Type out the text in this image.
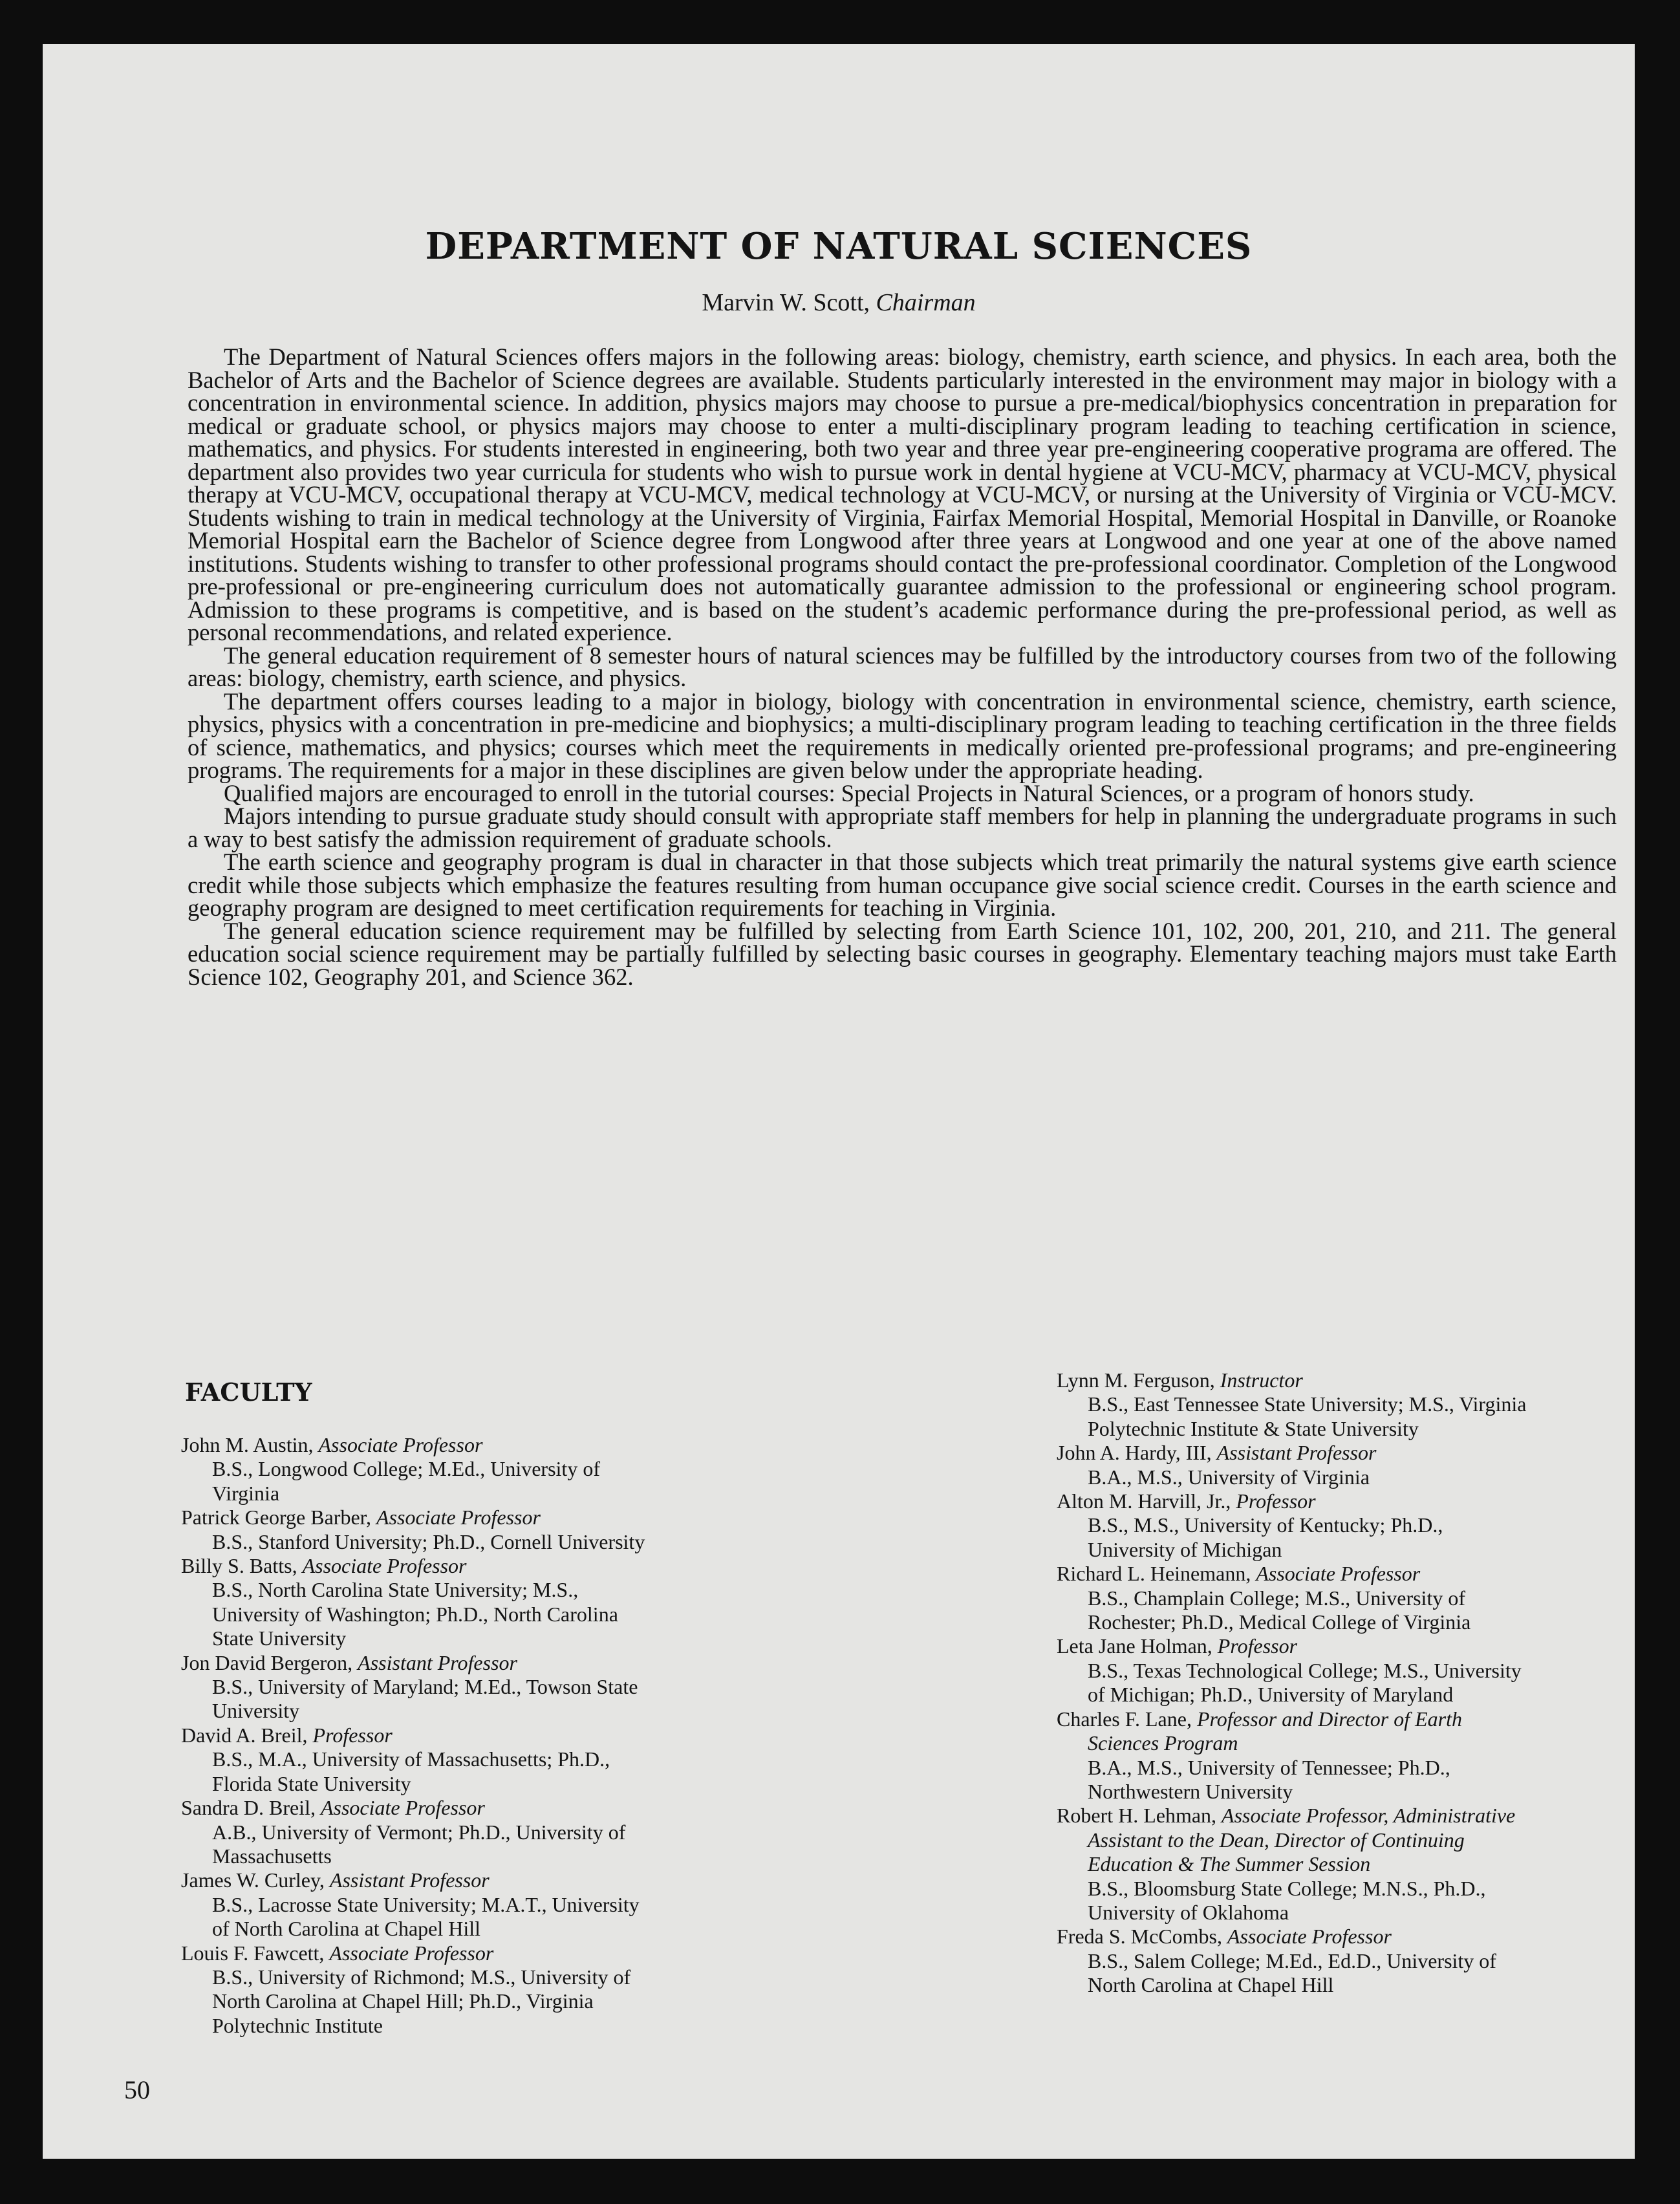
DEPARTMENT OF NATURAL SCIENCES
Marvin W. Scott, Chairman

The Department of Natural Sciences offers majors in the following areas: biology, chemistry, earth science, and physics. In each area, both the Bachelor of Arts and the Bachelor of Science degrees are available. Students particularly interested in the environment may major in biology with a concentration in environmental science. In addition, physics majors may choose to pursue a pre-medical/biophysics concentration in preparation for medical or graduate school, or physics majors may choose to enter a multi-disciplinary program leading to teaching certification in science, mathematics, and physics. For students interested in engineering, both two year and three year pre-engineering cooperative programa are offered. The department also provides two year curricula for students who wish to pursue work in dental hygiene at VCU-MCV, pharmacy at VCU-MCV, physical therapy at VCU-MCV, occupational therapy at VCU-MCV, medical technology at VCU-MCV, or nursing at the University of Virginia or VCU-MCV. Students wishing to train in medical technology at the University of Virginia, Fairfax Memorial Hospital, Memorial Hospital in Danville, or Roanoke Memorial Hospital earn the Bachelor of Science degree from Longwood after three years at Longwood and one year at one of the above named institutions. Students wishing to transfer to other professional programs should contact the pre-professional coordinator. Completion of the Longwood pre-professional or pre-engineering curriculum does not automatically guarantee admission to the professional or engineering school program. Admission to these programs is competitive, and is based on the student’s academic performance during the pre-professional period, as well as personal recommendations, and related experience.

The general education requirement of 8 semester hours of natural sciences may be fulfilled by the introductory courses from two of the following areas: biology, chemistry, earth science, and physics.

The department offers courses leading to a major in biology, biology with concentration in environmental science, chemistry, earth science, physics, physics with a concentration in pre-medicine and biophysics; a multi-disciplinary program leading to teaching certification in the three fields of science, mathematics, and physics; courses which meet the requirements in medically oriented pre-professional programs; and pre-engineering programs. The requirements for a major in these disciplines are given below under the appropriate heading.

Qualified majors are encouraged to enroll in the tutorial courses: Special Projects in Natural Sciences, or a program of honors study.

Majors intending to pursue graduate study should consult with appropriate staff members for help in planning the undergraduate programs in such a way to best satisfy the admission requirement of graduate schools.

The earth science and geography program is dual in character in that those subjects which treat primarily the natural systems give earth science credit while those subjects which emphasize the features resulting from human occupance give social science credit. Courses in the earth science and geography program are designed to meet certification requirements for teaching in Virginia.

The general education science requirement may be fulfilled by selecting from Earth Science 101, 102, 200, 201, 210, and 211. The general education social science requirement may be partially fulfilled by selecting basic courses in geography. Elementary teaching majors must take Earth Science 102, Geography 201, and Science 362.

FACULTY
John M. Austin, Associate Professor
B.S., Longwood College; M.Ed., University of Virginia
Patrick George Barber, Associate Professor
B.S., Stanford University; Ph.D., Cornell University
Billy S. Batts, Associate Professor
B.S., North Carolina State University; M.S., University of Washington; Ph.D., North Carolina State University
Jon David Bergeron, Assistant Professor
B.S., University of Maryland; M.Ed., Towson State University
David A. Breil, Professor
B.S., M.A., University of Massachusetts; Ph.D., Florida State University
Sandra D. Breil, Associate Professor
A.B., University of Vermont; Ph.D., University of Massachusetts
James W. Curley, Assistant Professor
B.S., Lacrosse State University; M.A.T., University of North Carolina at Chapel Hill
Louis F. Fawcett, Associate Professor
B.S., University of Richmond; M.S., University of North Carolina at Chapel Hill; Ph.D., Virginia Polytechnic Institute
Lynn M. Ferguson, Instructor
B.S., East Tennessee State University; M.S., Virginia Polytechnic Institute & State University
John A. Hardy, III, Assistant Professor
B.A., M.S., University of Virginia
Alton M. Harvill, Jr., Professor
B.S., M.S., University of Kentucky; Ph.D., University of Michigan
Richard L. Heinemann, Associate Professor
B.S., Champlain College; M.S., University of Rochester; Ph.D., Medical College of Virginia
Leta Jane Holman, Professor
B.S., Texas Technological College; M.S., University of Michigan; Ph.D., University of Maryland
Charles F. Lane, Professor and Director of Earth Sciences Program
B.A., M.S., University of Tennessee; Ph.D., Northwestern University
Robert H. Lehman, Associate Professor, Administrative Assistant to the Dean, Director of Continuing Education & The Summer Session
B.S., Bloomsburg State College; M.N.S., Ph.D., University of Oklahoma
Freda S. McCombs, Associate Professor
B.S., Salem College; M.Ed., Ed.D., University of North Carolina at Chapel Hill
50
